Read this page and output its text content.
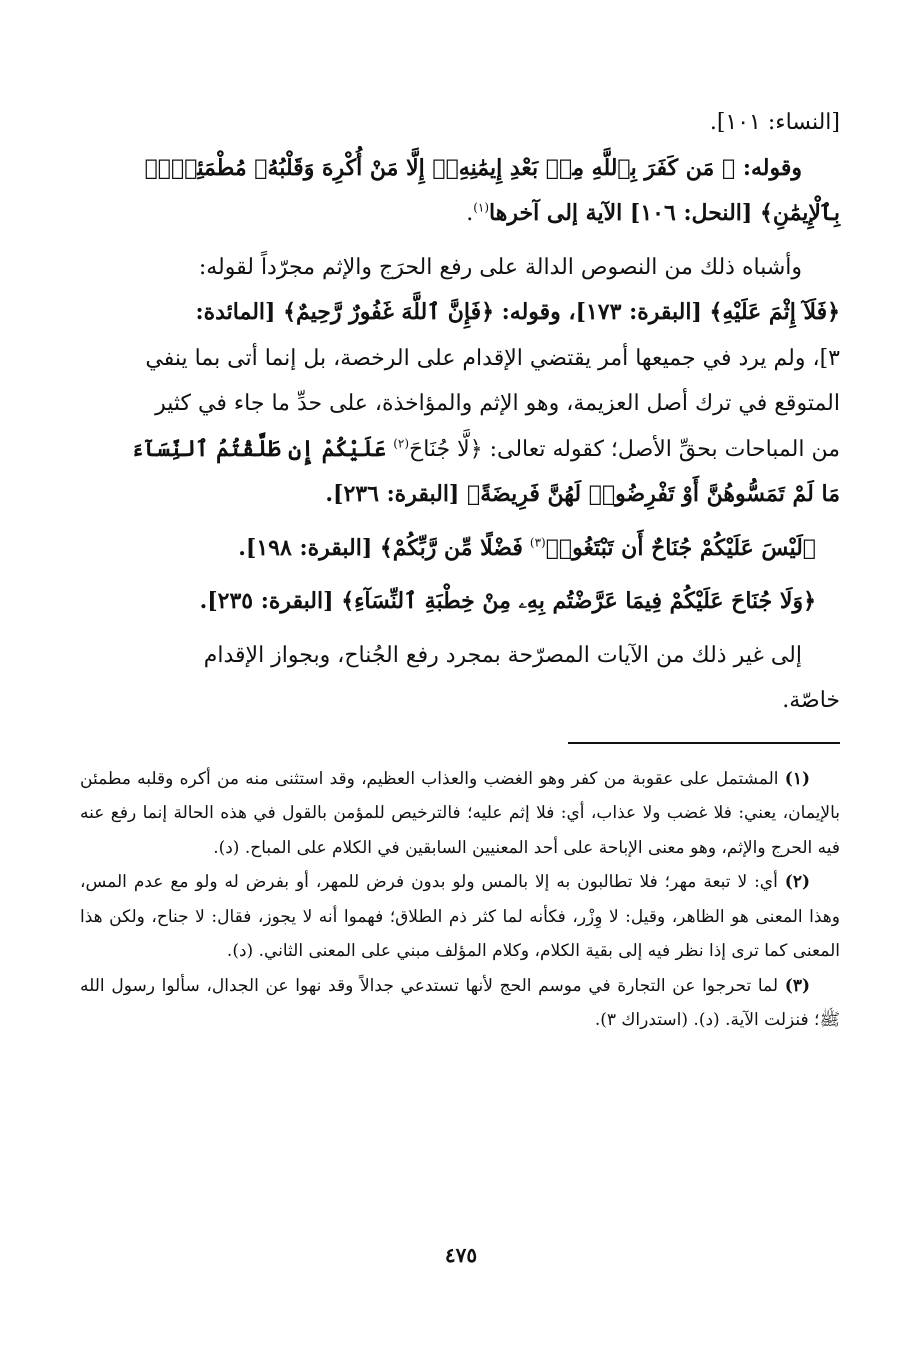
[النساء: ١٠١].

وقوله: ﴿ مَن كَفَرَ بِٱللَّهِ مِنۢ بَعْدِ إِيمَٰنِهِۦٓ إِلَّا مَنْ أُكْرِهَ وَقَلْبُهُۥ مُطْمَئِنٌّۢ

بِٱلْإِيمَٰنِ﴾ [النحل: ١٠٦] الآية إلى آخرها$^{(١)}$.

وأشباه ذلك من النصوص الدالة على رفع الحرَج والإثم مجرّداً لقوله:

﴿فَلَآ إِثْمَ عَلَيْهِ﴾ [البقرة: ١٧٣]، وقوله: ﴿فَإِنَّ ٱللَّهَ غَفُورٌ رَّحِيمٌ﴾ [المائدة:

٣]، ولم يرد في جميعها أمر يقتضي الإقدام على الرخصة، بل إنما أتى بما ينفي

المتوقع في ترك أصل العزيمة، وهو الإثم والمؤاخذة، على حدِّ ما جاء في كثير

من المباحات بحقِّ الأصل؛ كقوله تعالى: ﴿لَّا جُنَاحَ$^{(٢)}$ عَلَيْكُمْ إِن طَلَّقْتُمُ ٱلنِّسَآءَ

مَا لَمْ تَمَسُّوهُنَّ أَوْ تَفْرِضُوا۟ لَهُنَّ فَرِيضَةً﴾ [البقرة: ٢٣٦].

﴿لَيْسَ عَلَيْكُمْ جُنَاحٌ أَن تَبْتَغُوا۟$^{(٣)}$ فَضْلًا مِّن رَّبِّكُمْ﴾ [البقرة: ١٩٨].

﴿وَلَا جُنَاحَ عَلَيْكُمْ فِيمَا عَرَّضْتُم بِهِۦ مِنْ خِطْبَةِ ٱلنِّسَآءِ﴾ [البقرة: ٢٣٥].

إلى غير ذلك من الآيات المصرّحة بمجرد رفع الجُناح، وبجواز الإقدام

خاصّة.

(١) المشتمل على عقوبة من كفر وهو الغضب والعذاب العظيم، وقد استثنى منه من أكره وقلبه مطمئن بالإيمان، يعني: فلا غضب ولا عذاب، أي: فلا إثم عليه؛ فالترخيص للمؤمن بالقول في هذه الحالة إنما رفع عنه فيه الحرج والإثم، وهو معنى الإباحة على أحد المعنيين السابقين في الكلام على المباح. (د).

(٢) أي: لا تبعة مهر؛ فلا تطالبون به إلا بالمس ولو بدون فرض للمهر، أو بفرض له ولو مع عدم المس، وهذا المعنى هو الظاهر، وقيل: لا وِزْر، فكأنه لما كثر ذم الطلاق؛ فهموا أنه لا يجوز، فقال: لا جناح، ولكن هذا المعنى كما ترى إذا نظر فيه إلى بقية الكلام، وكلام المؤلف مبني على المعنى الثاني. (د).

(٣) لما تحرجوا عن التجارة في موسم الحج لأنها تستدعي جدالاً وقد نهوا عن الجدال، سألوا رسول الله ﷺ؛ فنزلت الآية. (د). (استدراك ٣).

٤٧٥
